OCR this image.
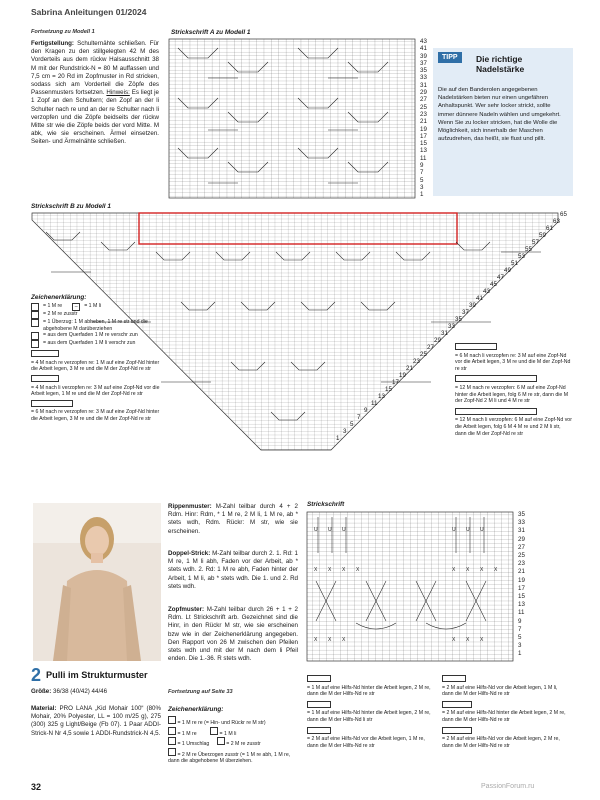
Sabrina Anleitungen 01/2024
Fortsetzung zu Modell 1
Fertigstellung: Schulternähte schließen. Für den Kragen zu den stillgelegten 42 M des Vorderteils aus dem rückw Halsausschnitt 38 M mit der Rundstrick-N = 80 M auffassen und 7,5 cm = 20 Rd im Zopfmuster in Rd stricken, sodass sich am Vorderteil die Zöpfe des Passenmusters fortsetzen. Hinweis: Es liegt je 1 Zopf an den Schultern; den Zopf an der li Schulter nach re und an der re Schulter nach li verzopfen und die Zöpfe beidseits der rückw Mitte str wie die Zöpfe beids der vord Mitte. M abk, wie sie erscheinen. Ärmel einsetzen. Seiten- und Ärmelnähte schließen.
Strickschrift A zu Modell 1
43
41
39
37
35
33
31
29
27
25
23
21
19
17
15
13
11
9
7
5
3
1
TIPP	Die richtige
Nadelstärke
Die auf den Banderolen angegebenen Nadelstärken bieten nur einen ungefähren Anhaltspunkt. Wer sehr locker strickt, sollte immer dünnere Nadeln wählen und umgekehrt. Wenn Sie zu locker stricken, hat die Wolle die Möglichkeit, sich innerhalb der Maschen aufzudrehen, das heißt, sie flust und pillt.
Strickschrift B zu Modell 1
65
63
61
59
57
55
53
51
49
47
45
43
41
39
37
35
33
31
29
27
25
23
21
19
17
15
13
11
9
7
5
3
1
Zeichenerklärung:
= 1 M re	–	= 1 M li
= 2 M re zusstr
= 1 Überzug: 1 M abheben, 1 M re str und die abgehobene M darüberziehen
= aus dem Querfaden 1 M re verschr zun
= aus dem Querfaden 1 M li verschr zun
= 4 M nach re verzopfen re: 1 M auf eine Zopf-Nd hinter die Arbeit legen, 3 M re und die M der Zopf-Nd re str
= 4 M nach li verzopfen re: 3 M auf eine Zopf-Nd vor die Arbeit legen, 1 M re und die M der Zopf-Nd re str
= 6 M nach re verzopfen re: 3 M auf eine Zopf-Nd hinter die Arbeit legen, 3 M re und die M der Zopf-Nd re str
= 6 M nach li verzopfen re: 3 M auf eine Zopf-Nd vor die Arbeit legen, 3 M re und die M der Zopf-Nd re str
= 12 M nach re verzopfen: 6 M auf eine Zopf-Nd hinter die Arbeit legen, folg 6 M re str, dann die M der Zopf-Nd 2 M li und 4 M re str
= 12 M nach li verzopfen: 6 M auf eine Zopf-Nd vor die Arbeit legen, folg 6 M 4 M re und 2 M li str, dann die M der Zopf-Nd re str
2 Pulli im Strukturmuster
Größe: 36/38 (40/42) 44/46
Material: PRO LANA „Kid Mohair 100“ (80% Mohair, 20% Polyester, LL = 100 m/25 g), 275 (300) 325 g Light/Beige (Fb 07). 1 Paar ADDI-Strick-N Nr 4,5 sowie 1 ADDI-Rundstrick-N 4,5.
Rippenmuster: M-Zahl teilbar durch 4 + 2 Rdm. Hinr: Rdm, * 1 M re, 2 M li, 1 M re, ab * stets wdh, Rdm. Rückr: M str, wie sie erscheinen.
Doppel-Strick: M-Zahl teilbar durch 2. 1. Rd: 1 M re, 1 M li abh, Faden vor der Arbeit, ab * stets wdh. 2. Rd: 1 M re abh, Faden hinter der Arbeit, 1 M li, ab * stets wdh. Die 1. und 2. Rd stets wdh.
Zopfmuster: M-Zahl teilbar durch 26 + 1 + 2 Rdm. Lt Strickschrift arb. Gezeichnet sind die Hinr, in den Rückr M str, wie sie erscheinen bzw wie in der Zeichenerklärung angegeben. Den Rapport von 26 M zwischen den Pfeilen stets wdh und mit der M nach dem li Pfeil enden. Die 1.-36. R stets wdh.
Fortsetzung auf Seite 33
Zeichenerklärung:
= 1 M re re (= Hin- und Rückr re M str)
= 1 M re	= 1 M li
= 1 Umschlag	= 2 M re zusstr
= 2 M re Überzogen zusstr (= 1 M re abh, 1 M re, dann die abgehobene M überziehen.
Strickschrift
U U U	U U U
X X X X	X X X X
X X X	X X X
35
33
31
29
27
25
23
21
19
17
15
13
11
9
7
5
3
1
= 1 M auf eine Hilfs-Nd hinter die Arbeit legen, 2 M re, dann die M der Hilfs-Nd re str
= 1 M auf eine Hilfs-Nd hinter die Arbeit legen, 2 M re, dann die M der Hilfs-Nd li str
= 2 M auf eine Hilfs-Nd vor die Arbeit legen, 1 M re, dann die M der Hilfs-Nd re str
= 2 M auf eine Hilfs-Nd vor die Arbeit legen, 1 M li, dann die M der Hilfs-Nd re str
= 2 M auf eine Hilfs-Nd hinter die Arbeit legen, 2 M re, dann die M der Hilfs-Nd re str
= 2 M auf eine Hilfs-Nd vor die Arbeit legen, 2 M re, dann die M der Hilfs-Nd re str
32	PassionForum.ru
